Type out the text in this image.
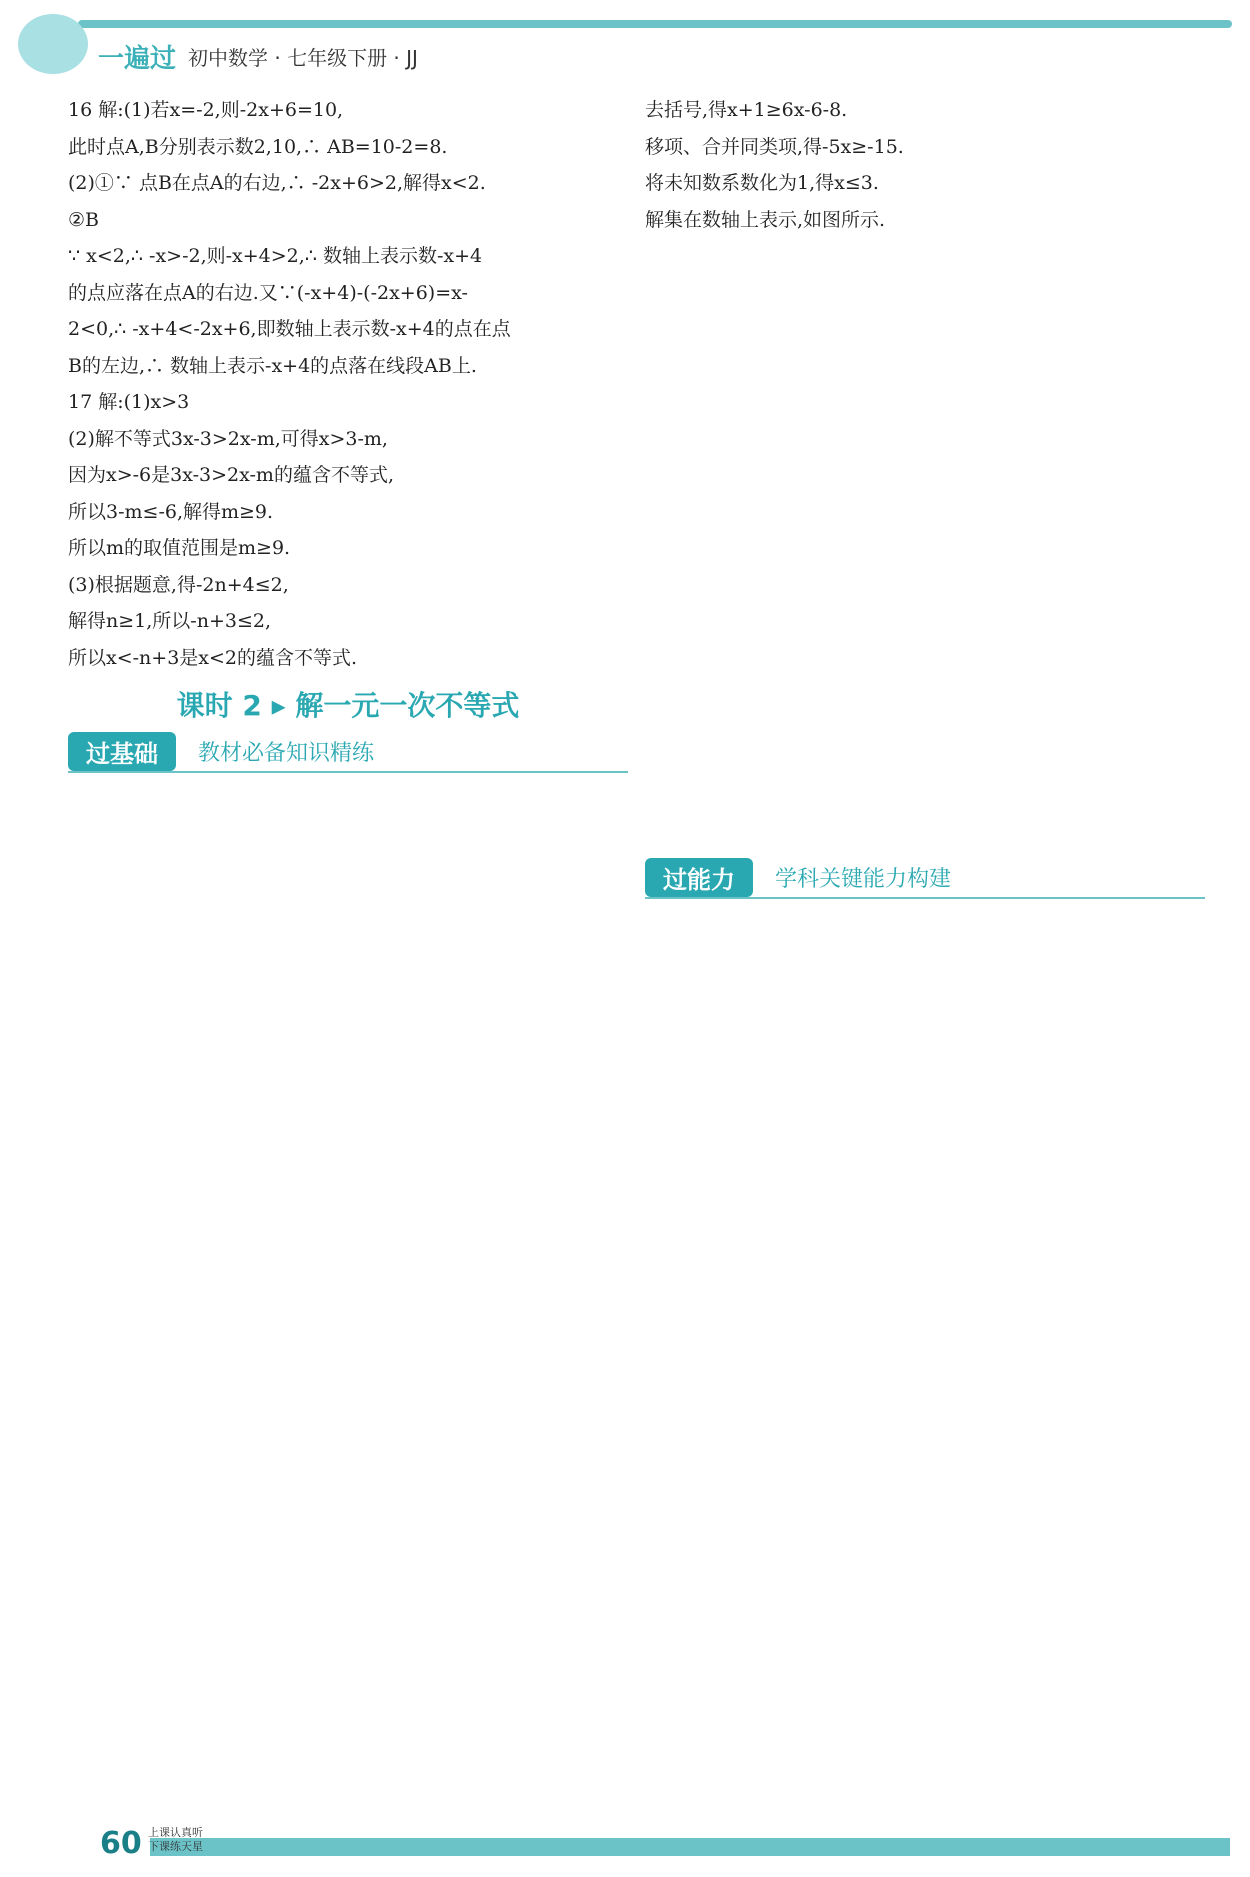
一遍过 初中数学 · 七年级下册 · JJ
16 解:(1)若x=-2,则-2x+6=10,
此时点A,B分别表示数2,10,∴ AB=10-2=8.
(2)①∵ 点B在点A的右边,∴ -2x+6>2,解得x<2.
②B
∵ x<2,∴ -x>-2,则-x+4>2,∴ 数轴上表示数-x+4
的点应落在点A的右边.又∵(-x+4)-(-2x+6)=x-
2<0,∴ -x+4<-2x+6,即数轴上表示数-x+4的点在点
B的左边,∴ 数轴上表示-x+4的点落在线段AB上.
17 解:(1)x>3
(2)解不等式3x-3>2x-m,可得x>3-m,
因为x>-6是3x-3>2x-m的蕴含不等式,
所以3-m≤-6,解得m≥9.
所以m的取值范围是m≥9.
(3)根据题意,得-2n+4≤2,
解得n≥1,所以-n+3≤2,
所以x<-n+3是x<2的蕴含不等式.
课时 2 ▸ 解一元一次不等式
过基础	教材必备知识精练
去括号,得x+1≥6x-6-8.
移项、合并同类项,得-5x≥-15.
将未知数系数化为1,得x≤3.
解集在数轴上表示,如图所示.
过能力	学科关键能力构建
60 上课认真听
下课练天星
